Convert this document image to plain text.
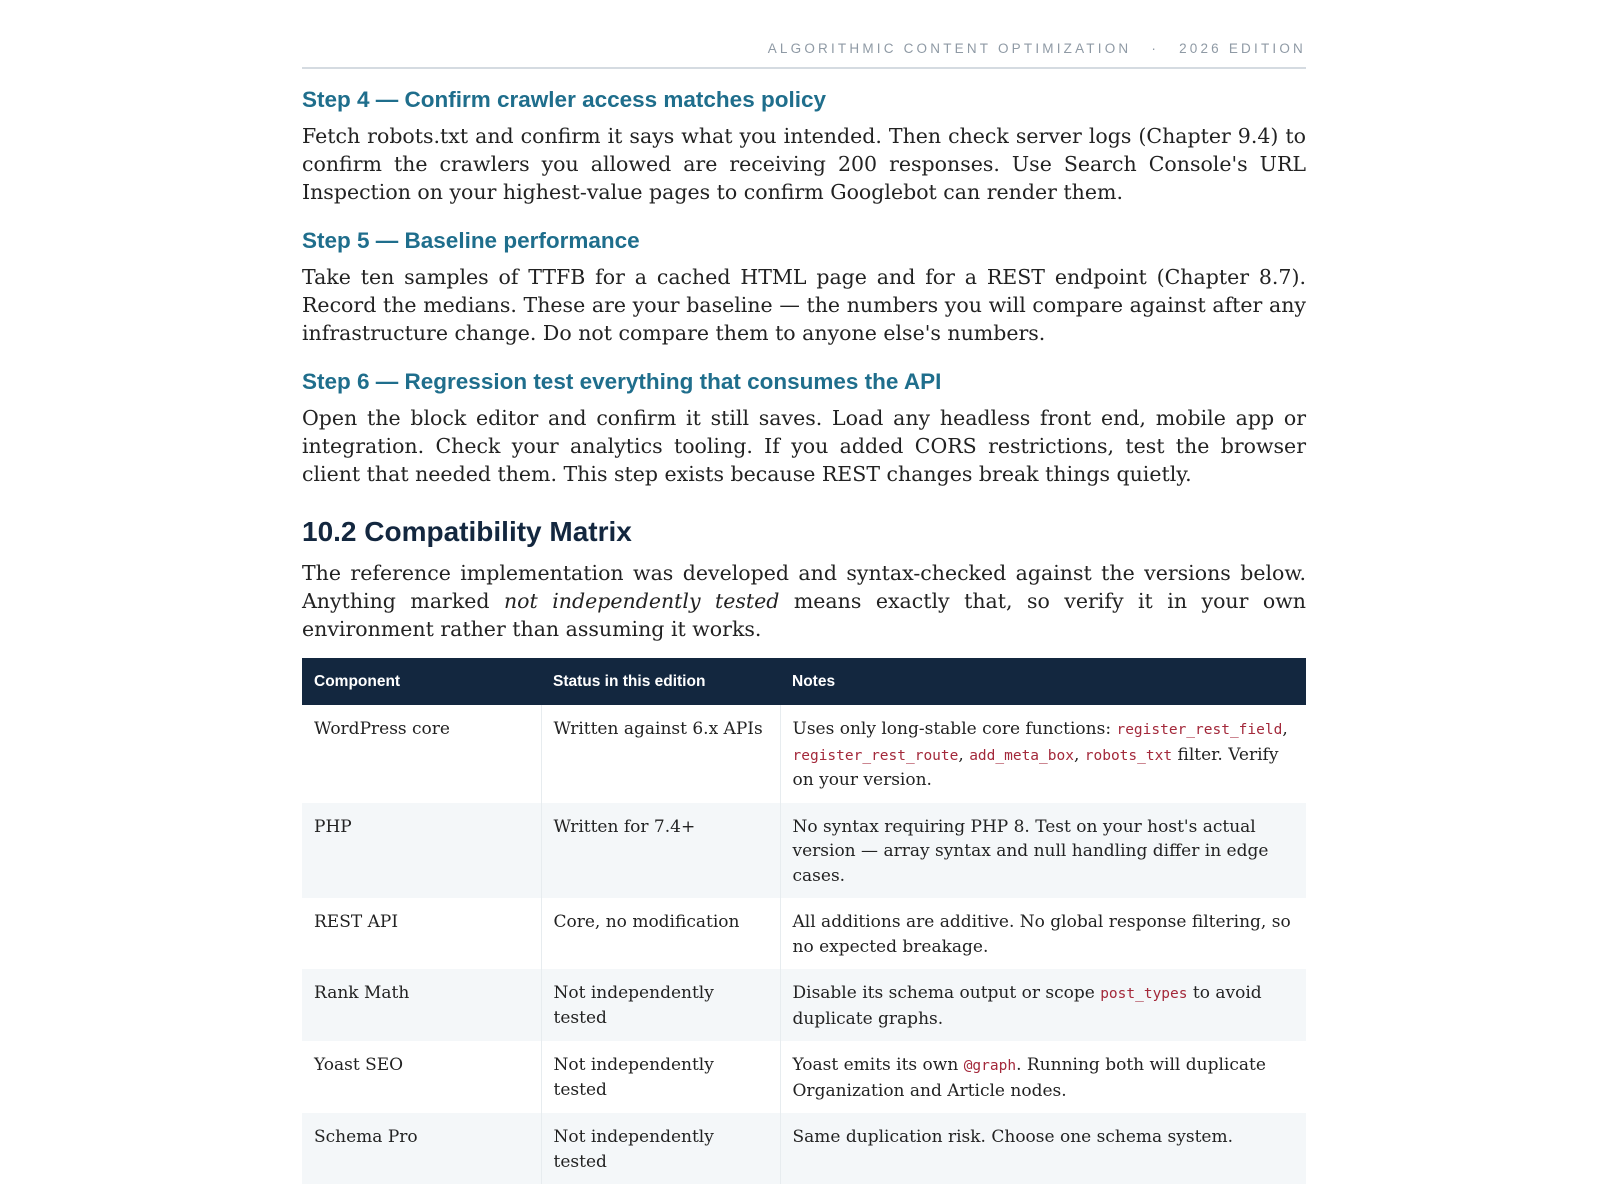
ALGORITHMIC CONTENT OPTIMIZATION · 2026 EDITION
Step 4 — Confirm crawler access matches policy

Fetch robots.txt and confirm it says what you intended. Then check server logs (Chapter 9.4) to confirm the crawlers you allowed are receiving 200 responses. Use Search Console's URL Inspection on your highest-value pages to confirm Googlebot can render them.

Step 5 — Baseline performance

Take ten samples of TTFB for a cached HTML page and for a REST endpoint (Chapter 8.7). Record the medians. These are your baseline — the numbers you will compare against after any infrastructure change. Do not compare them to anyone else's numbers.

Step 6 — Regression test everything that consumes the API

Open the block editor and confirm it still saves. Load any headless front end, mobile app or integration. Check your analytics tooling. If you added CORS restrictions, test the browser client that needed them. This step exists because REST changes break things quietly.

10.2 Compatibility Matrix

The reference implementation was developed and syntax-checked against the versions below. Anything marked not independently tested means exactly that, so verify it in your own environment rather than assuming it works.

Component	Status in this edition	Notes
WordPress core	Written against 6.x APIs	Uses only long-stable core functions: register_rest_field, register_rest_route, add_meta_box, robots_txt filter. Verify on your version.
PHP	Written for 7.4+	No syntax requiring PHP 8. Test on your host's actual version — array syntax and null handling differ in edge cases.
REST API	Core, no modification	All additions are additive. No global response filtering, so no expected breakage.
Rank Math	Not independently tested	Disable its schema output or scope post_types to avoid duplicate graphs.
Yoast SEO	Not independently tested	Yoast emits its own @graph. Running both will duplicate Organization and Article nodes.
Schema Pro	Not independently tested	Same duplication risk. Choose one schema system.
